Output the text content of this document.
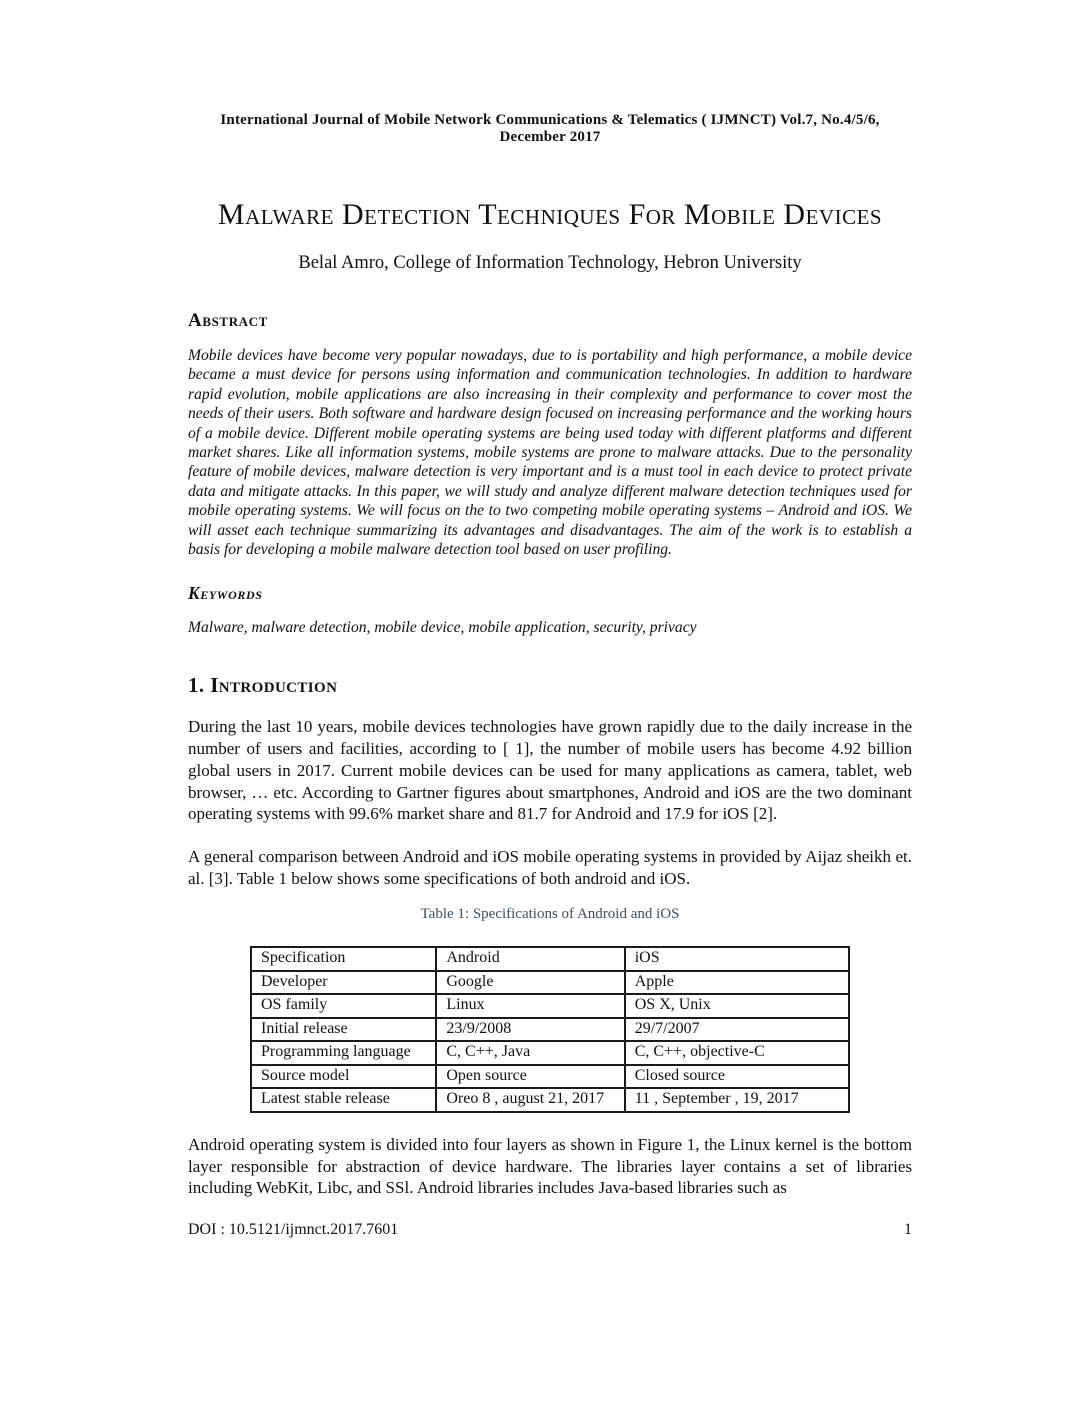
International Journal of Mobile Network Communications & Telematics ( IJMNCT) Vol.7, No.4/5/6, December 2017
Malware Detection Techniques For Mobile Devices
Belal Amro, College of Information Technology, Hebron University
Abstract

Mobile devices have become very popular nowadays, due to is portability and high performance, a mobile device became a must device for persons using information and communication technologies. In addition to hardware rapid evolution, mobile applications are also increasing in their complexity and performance to cover most the needs of their users. Both software and hardware design focused on increasing performance and the working hours of a mobile device. Different mobile operating systems are being used today with different platforms and different market shares. Like all information systems, mobile systems are prone to malware attacks. Due to the personality feature of mobile devices, malware detection is very important and is a must tool in each device to protect private data and mitigate attacks. In this paper, we will study and analyze different malware detection techniques used for mobile operating systems. We will focus on the to two competing mobile operating systems – Android and iOS. We will asset each technique summarizing its advantages and disadvantages. The aim of the work is to establish a basis for developing a mobile malware detection tool based on user profiling.

Keywords

Malware, malware detection, mobile device, mobile application, security, privacy

1. Introduction

During the last 10 years, mobile devices technologies have grown rapidly due to the daily increase in the number of users and facilities, according to [ 1], the number of mobile users has become 4.92 billion global users in 2017. Current mobile devices can be used for many applications as camera, tablet, web browser, … etc. According to Gartner figures about smartphones, Android and iOS are the two dominant operating systems with 99.6% market share and 81.7 for Android and 17.9 for iOS [2].

A general comparison between Android and iOS mobile operating systems in provided by Aijaz sheikh et. al. [3]. Table 1 below shows some specifications of both android and iOS.

Table 1: Specifications of Android and iOS
Specification	Android	iOS
Developer	Google	Apple
OS family	Linux	OS X, Unix
Initial release	23/9/2008	29/7/2007
Programming language	C, C++, Java	C, C++, objective-C
Source model	Open source	Closed source
Latest stable release	Oreo 8 , august 21, 2017	11 , September , 19, 2017

Android operating system is divided into four layers as shown in Figure 1, the Linux kernel is the bottom layer responsible for abstraction of device hardware. The libraries layer contains a set of libraries including WebKit, Libc, and SSl. Android libraries includes Java-based libraries such as

DOI : 10.5121/ijmnct.2017.7601	1
